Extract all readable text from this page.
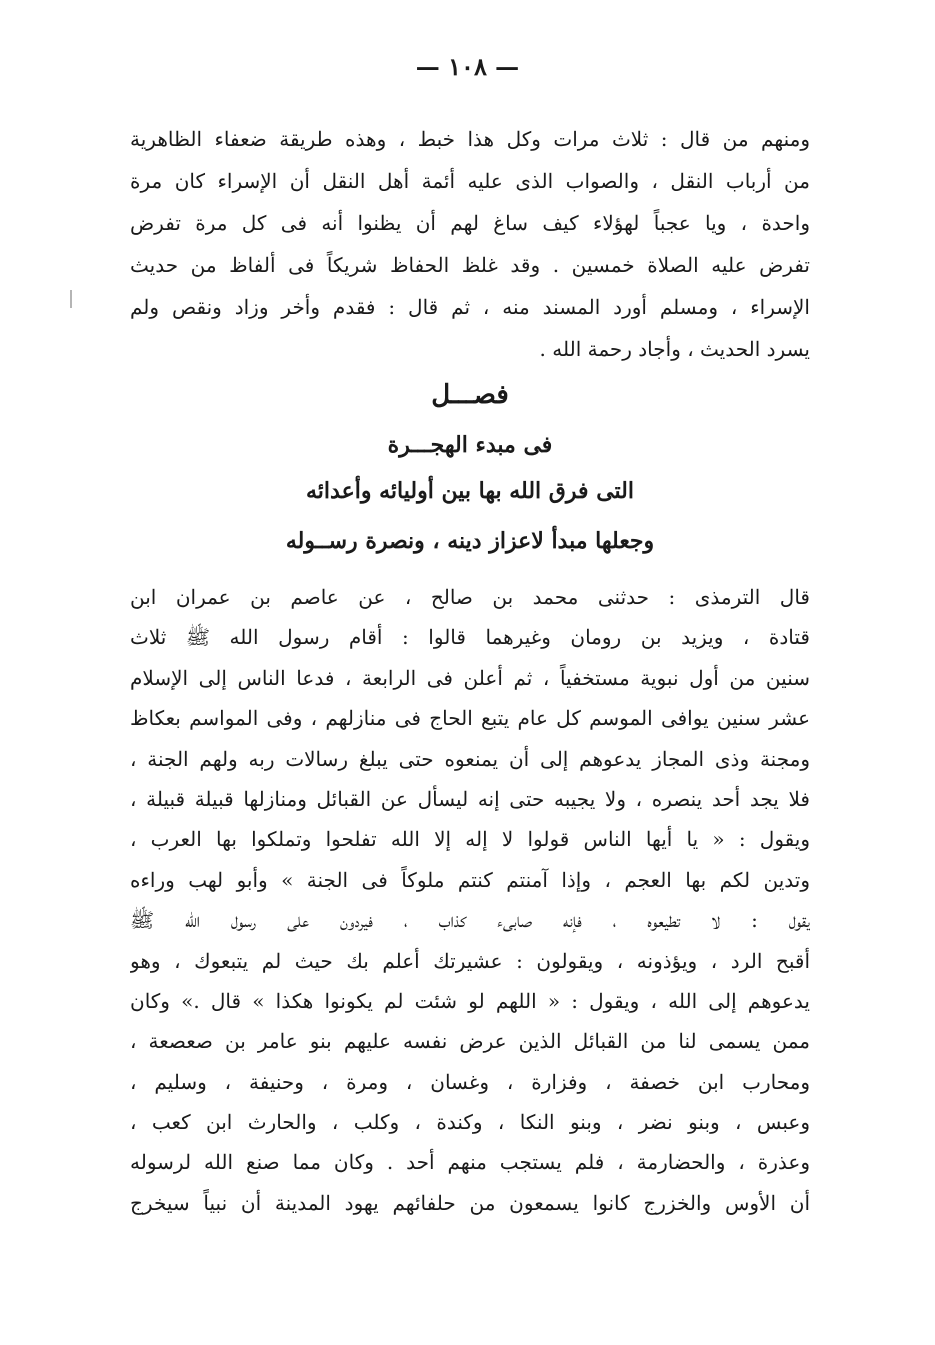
— ١٠٨ —
ومنهم من قال : ثلاث مرات وكل هذا خبط ، وهذه طريقة ضعفاء الظاهرية
من أرباب النقل ، والصواب الذى عليه أئمة أهل النقل أن الإسراء كان مرة
واحدة ، ويا عجباً لهؤلاء كيف ساغ لهم أن يظنوا أنه فى كل مرة تفرض
تفرض عليه الصلاة خمسين . وقد غلظ الحفاظ شريكاً فى ألفاظ من حديث
الإسراء ، ومسلم أورد المسند منه ، ثم قال : فقدم وأخر وزاد ونقص ولم
يسرد الحديث ، وأجاد رحمة الله .
فصـــل
فى مبدء الهجـــرة
التى فرق الله بها بين أوليائه وأعدائه
وجعلها مبدأ لاعزاز دينه ، ونصرة رســوله
قال الترمذى : حدثنى محمد بن صالح ، عن عاصم بن عمران ابن
قتادة ، ويزيد بن رومان وغيرهما قالوا : أقام رسول الله ﷺ ثلاث
سنين من أول نبوية مستخفياً ، ثم أعلن فى الرابعة ، فدعا الناس إلى الإسلام
عشر سنين يوافى الموسم كل عام يتبع الحاج فى منازلهم ، وفى المواسم بعكاظ
ومجنة وذى المجاز يدعوهم إلى أن يمنعوه حتى يبلغ رسالات ربه ولهم الجنة ،
فلا يجد أحد ينصره ، ولا يجيبه حتى إنه ليسأل عن القبائل ومنازلها قبيلة قبيلة ،
ويقول : « يا أيها الناس قولوا لا إله إلا الله تفلحوا وتملكوا بها العرب ،
وتدين لكم بها العجم ، وإذا آمنتم كنتم ملوكاً فى الجنة » وأبو لهب وراءه
يقول : لا تطيعوه ، فإنه صابىء كذاب ، فيردون على رسول الله ﷺ
أقبح الرد ، ويؤذونه ، ويقولون : عشيرتك أعلم بك حيث لم يتبعوك ، وهو
يدعوهم إلى الله ، ويقول : « اللهم لو شئت لم يكونوا هكذا » قال .» وكان
ممن يسمى لنا من القبائل الذين عرض نفسه عليهم بنو عامر بن صعصعة ،
ومحارب ابن خصفة ، وفزارة ، وغسان ، ومرة ، وحنيفة ، وسليم ،
وعبس ، وبنو نضر ، وبنو النكا ، وكندة ، وكلب ، والحارث ابن كعب ،
وعذرة ، والحضارمة ، فلم يستجب منهم أحد . وكان مما صنع الله لرسوله
أن الأوس والخزرج كانوا يسمعون من حلفائهم يهود المدينة أن نبياً سيخرج
